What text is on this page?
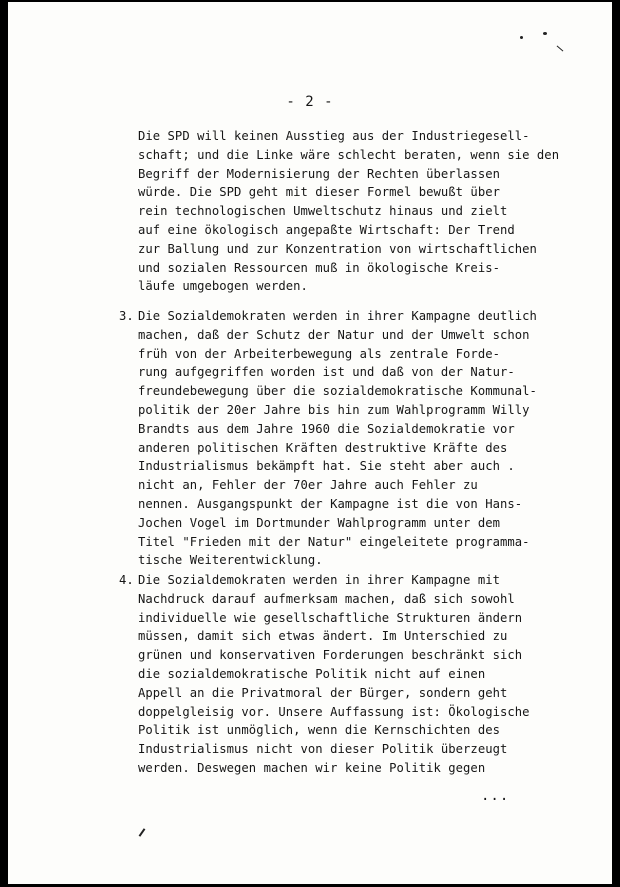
- 2 -
Die SPD will keinen Ausstieg aus der Industriegesell-
schaft; und die Linke wäre schlecht beraten, wenn sie den
Begriff der Modernisierung der Rechten überlassen
würde. Die SPD geht mit dieser Formel bewußt über
rein technologischen Umweltschutz hinaus und zielt
auf eine ökologisch angepaßte Wirtschaft: Der Trend
zur Ballung und zur Konzentration von wirtschaftlichen
und sozialen Ressourcen muß in ökologische Kreis-
läufe umgebogen werden.
3. Die Sozialdemokraten werden in ihrer Kampagne deutlich
machen, daß der Schutz der Natur und der Umwelt schon
früh von der Arbeiterbewegung als zentrale Forde-
rung aufgegriffen worden ist und daß von der Natur-
freundebewegung über die sozialdemokratische Kommunal-
politik der 20er Jahre bis hin zum Wahlprogramm Willy
Brandts aus dem Jahre 1960 die Sozialdemokratie vor
anderen politischen Kräften destruktive Kräfte des
Industrialismus bekämpft hat. Sie steht aber auch .
nicht an, Fehler der 70er Jahre auch Fehler zu
nennen. Ausgangspunkt der Kampagne ist die von Hans-
Jochen Vogel im Dortmunder Wahlprogramm unter dem
Titel "Frieden mit der Natur" eingeleitete programma-
tische Weiterentwicklung.
4. Die Sozialdemokraten werden in ihrer Kampagne mit
Nachdruck darauf aufmerksam machen, daß sich sowohl
individuelle wie gesellschaftliche Strukturen ändern
müssen, damit sich etwas ändert. Im Unterschied zu
grünen und konservativen Forderungen beschränkt sich
die sozialdemokratische Politik nicht auf einen
Appell an die Privatmoral der Bürger, sondern geht
doppelgleisig vor. Unsere Auffassung ist: Ökologische
Politik ist unmöglich, wenn die Kernschichten des
Industrialismus nicht von dieser Politik überzeugt
werden. Deswegen machen wir keine Politik gegen
...
